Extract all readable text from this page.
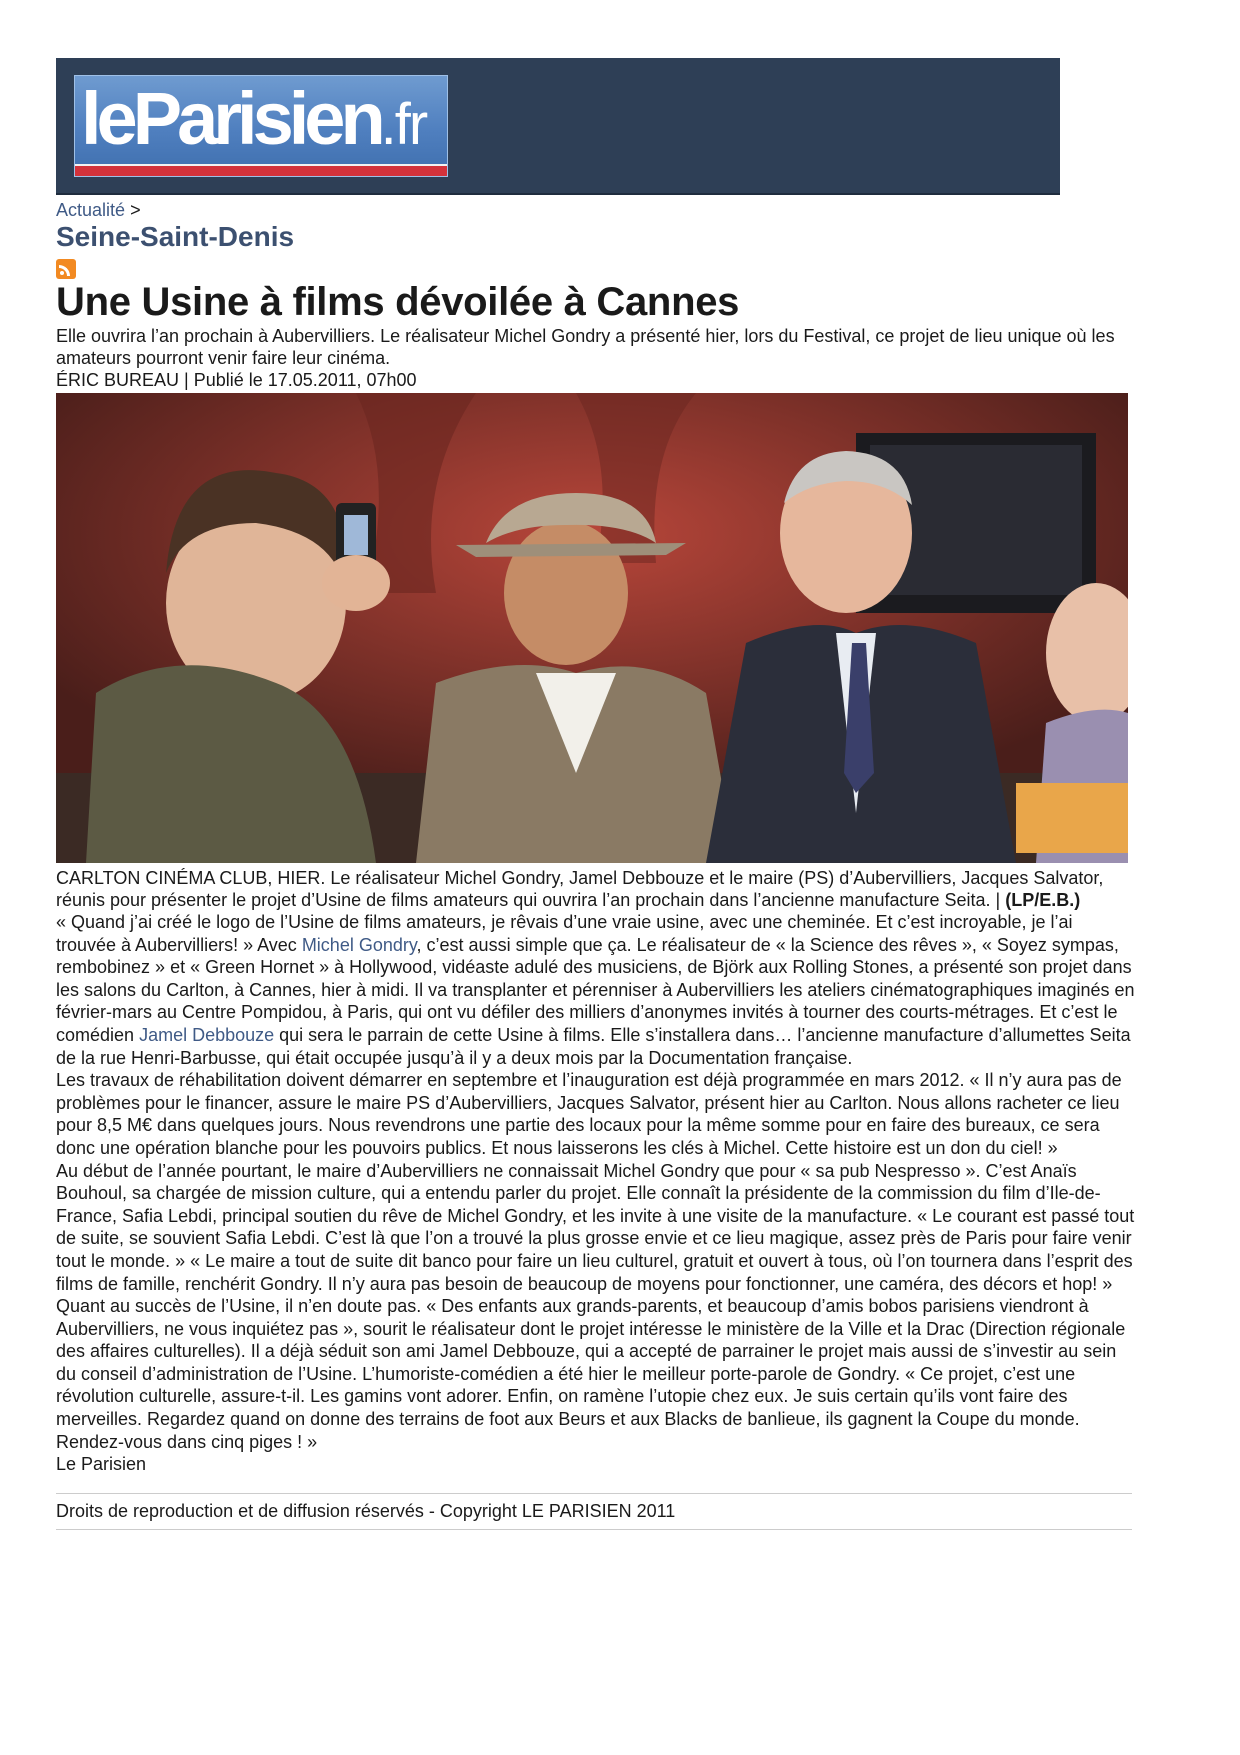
leParisien.fr
Actualité >
Seine-Saint-Denis
Une Usine à films dévoilée à Cannes
Elle ouvrira l’an prochain à Aubervilliers. Le réalisateur Michel Gondry a présenté hier, lors du Festival, ce projet de lieu unique où les amateurs pourront venir faire leur cinéma.
ÉRIC BUREAU | Publié le 17.05.2011, 07h00
CARLTON CINÉMA CLUB, HIER. Le réalisateur Michel Gondry, Jamel Debbouze et le maire (PS) d’Aubervilliers, Jacques Salvator, réunis pour présenter le projet d’Usine de films amateurs qui ouvrira l’an prochain dans l’ancienne manufacture Seita. | (LP/E.B.)

« Quand j’ai créé le logo de l’Usine de films amateurs, je rêvais d’une vraie usine, avec une cheminée. Et c’est incroyable, je l’ai trouvée à Aubervilliers! » Avec Michel Gondry, c’est aussi simple que ça. Le réalisateur de « la Science des rêves », « Soyez sympas, rembobinez » et « Green Hornet » à Hollywood, vidéaste adulé des musiciens, de Björk aux Rolling Stones, a présenté son projet dans les salons du Carlton, à Cannes, hier à midi. Il va transplanter et pérenniser à Aubervilliers les ateliers cinématographiques imaginés en février-mars au Centre Pompidou, à Paris, qui ont vu défiler des milliers d’anonymes invités à tourner des courts-métrages. Et c’est le comédien Jamel Debbouze qui sera le parrain de cette Usine à films. Elle s’installera dans… l’ancienne manufacture d’allumettes Seita de la rue Henri-Barbusse, qui était occupée jusqu’à il y a deux mois par la Documentation française.

Les travaux de réhabilitation doivent démarrer en septembre et l’inauguration est déjà programmée en mars 2012. « Il n’y aura pas de problèmes pour le financer, assure le maire PS d’Aubervilliers, Jacques Salvator, présent hier au Carlton. Nous allons racheter ce lieu pour 8,5 M€ dans quelques jours. Nous revendrons une partie des locaux pour la même somme pour en faire des bureaux, ce sera donc une opération blanche pour les pouvoirs publics. Et nous laisserons les clés à Michel. Cette histoire est un don du ciel! »

Au début de l’année pourtant, le maire d’Aubervilliers ne connaissait Michel Gondry que pour « sa pub Nespresso ». C’est Anaïs Bouhoul, sa chargée de mission culture, qui a entendu parler du projet. Elle connaît la présidente de la commission du film d’Ile-de-France, Safia Lebdi, principal soutien du rêve de Michel Gondry, et les invite à une visite de la manufacture. « Le courant est passé tout de suite, se souvient Safia Lebdi. C’est là que l’on a trouvé la plus grosse envie et ce lieu magique, assez près de Paris pour faire venir tout le monde. » « Le maire a tout de suite dit banco pour faire un lieu culturel, gratuit et ouvert à tous, où l’on tournera dans l’esprit des films de famille, renchérit Gondry. Il n’y aura pas besoin de beaucoup de moyens pour fonctionner, une caméra, des décors et hop! » Quant au succès de l’Usine, il n’en doute pas. « Des enfants aux grands-parents, et beaucoup d’amis bobos parisiens viendront à Aubervilliers, ne vous inquiétez pas », sourit le réalisateur dont le projet intéresse le ministère de la Ville et la Drac (Direction régionale des affaires culturelles). Il a déjà séduit son ami Jamel Debbouze, qui a accepté de parrainer le projet mais aussi de s’investir au sein du conseil d’administration de l’Usine. L’humoriste-comédien a été hier le meilleur porte-parole de Gondry. « Ce projet, c’est une révolution culturelle, assure-t-il. Les gamins vont adorer. Enfin, on ramène l’utopie chez eux. Je suis certain qu’ils vont faire des merveilles. Regardez quand on donne des terrains de foot aux Beurs et aux Blacks de banlieue, ils gagnent la Coupe du monde. Rendez-vous dans cinq piges ! »

Le Parisien
Droits de reproduction et de diffusion réservés - Copyright LE PARISIEN 2011
